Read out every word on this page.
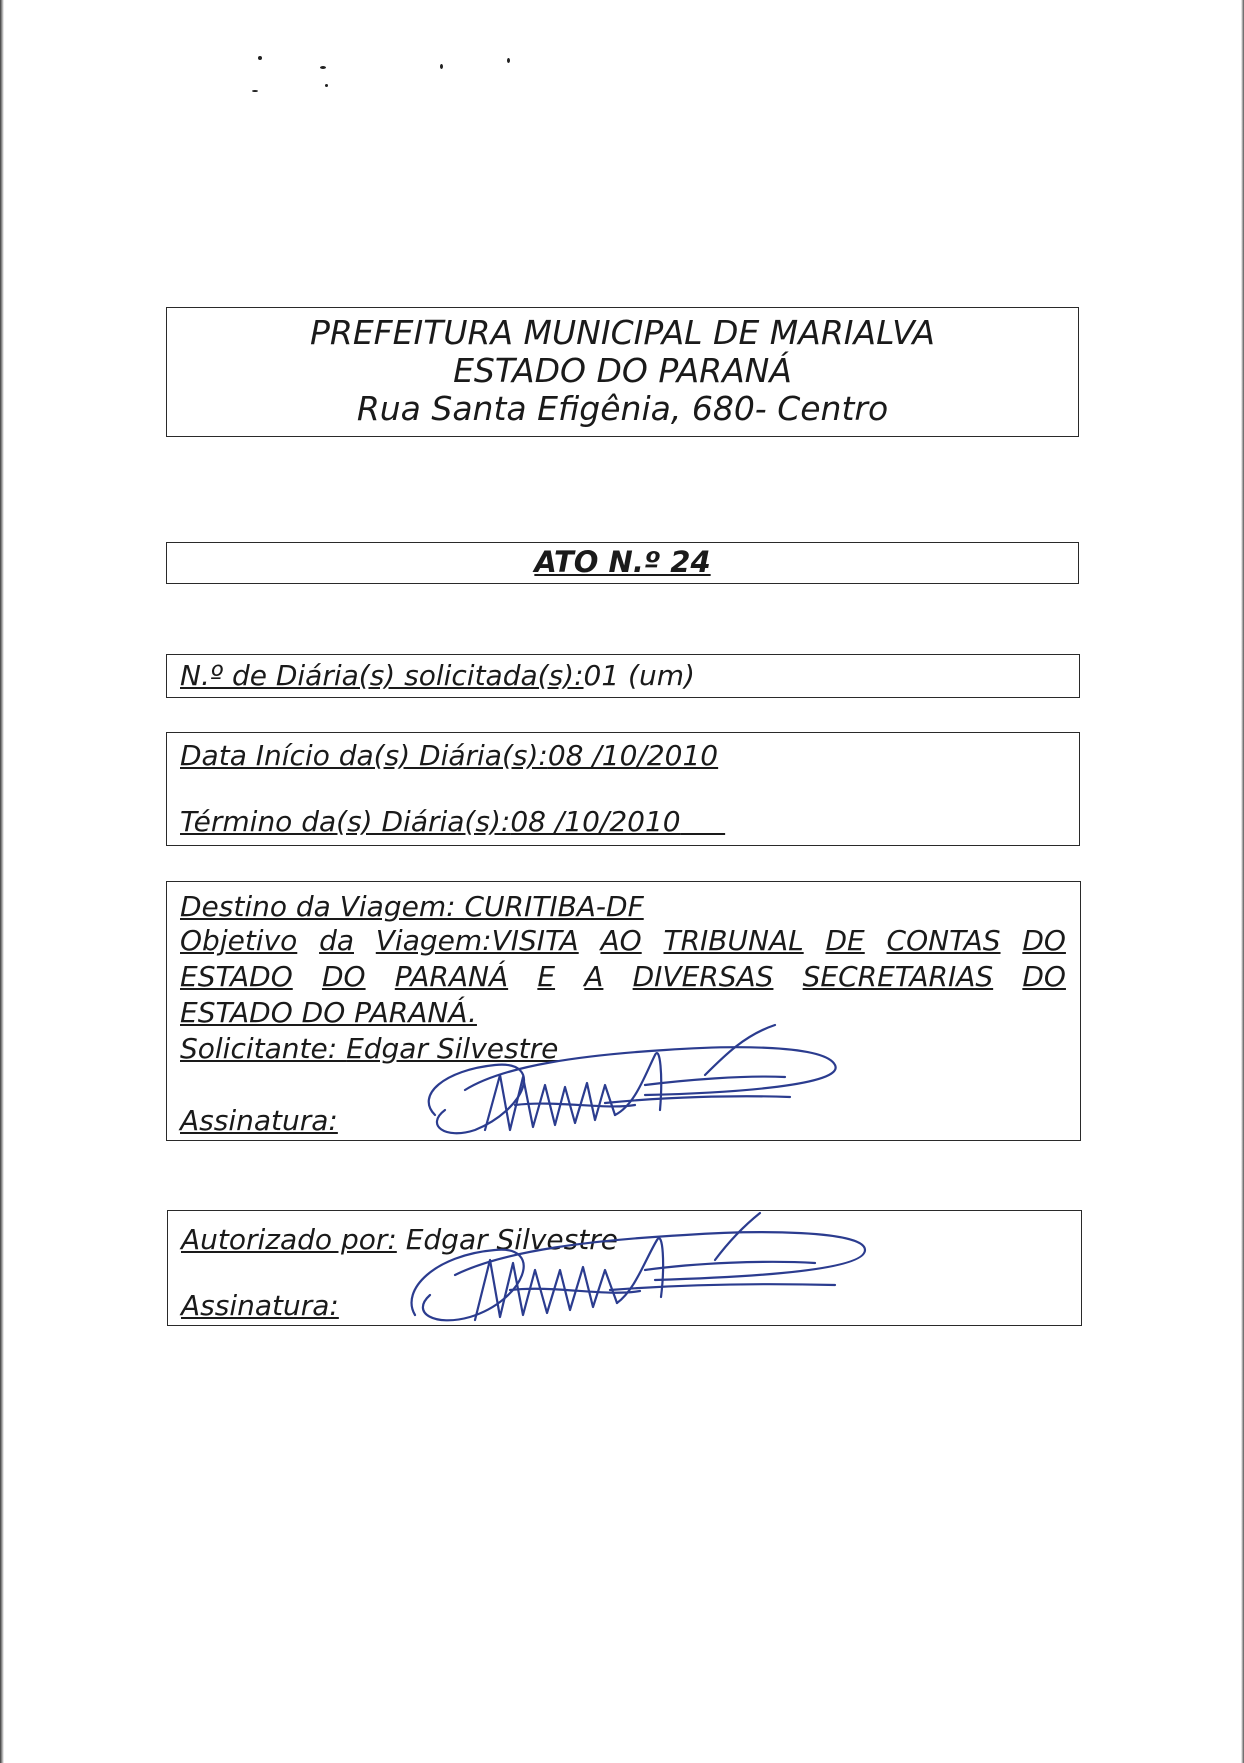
PREFEITURA MUNICIPAL DE MARIALVA
ESTADO DO PARANÁ
Rua Santa Efigênia, 680- Centro
ATO N.º 24
N.º de Diária(s) solicitada(s):01 (um)
Data Início da(s) Diária(s):08 /10/2010
Término da(s) Diária(s):08 /10/2010
Destino da Viagem: CURITIBA-DF
Objetivo da Viagem:VISITA AO TRIBUNAL DE CONTAS DO
ESTADO DO PARANÁ E A DIVERSAS SECRETARIAS DO
ESTADO DO PARANÁ.
Solicitante: Edgar Silvestre
Assinatura:
Autorizado por: Edgar Silvestre
Assinatura:
